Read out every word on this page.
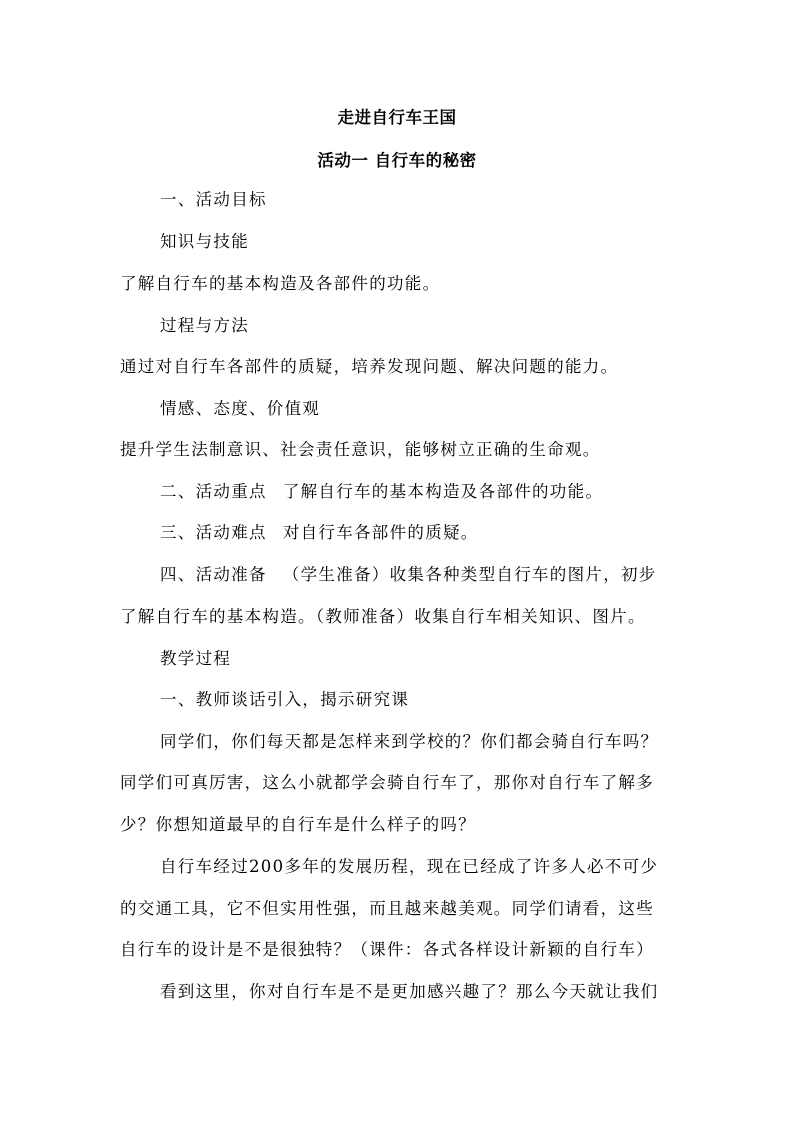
走进自行车王国
活动一 自行车的秘密
一、活动目标
知识与技能
了解自行车的基本构造及各部件的功能。
过程与方法
通过对自行车各部件的质疑，培养发现问题、解决问题的能力。
情感、态度、价值观
提升学生法制意识、社会责任意识，能够树立正确的生命观。
二、活动重点 了解自行车的基本构造及各部件的功能。
三、活动难点 对自行车各部件的质疑。
四、活动准备 （学生准备）收集各种类型自行车的图片，初步
了解自行车的基本构造。（教师准备）收集自行车相关知识、图片。
教学过程
一、教师谈话引入，揭示研究课
同学们，你们每天都是怎样来到学校的？你们都会骑自行车吗？
同学们可真厉害，这么小就都学会骑自行车了，那你对自行车了解多
少？你想知道最早的自行车是什么样子的吗？
自行车经过200多年的发展历程，现在已经成了许多人必不可少
的交通工具，它不但实用性强，而且越来越美观。同学们请看，这些
自行车的设计是不是很独特？（课件：各式各样设计新颖的自行车）
看到这里，你对自行车是不是更加感兴趣了？那么今天就让我们
